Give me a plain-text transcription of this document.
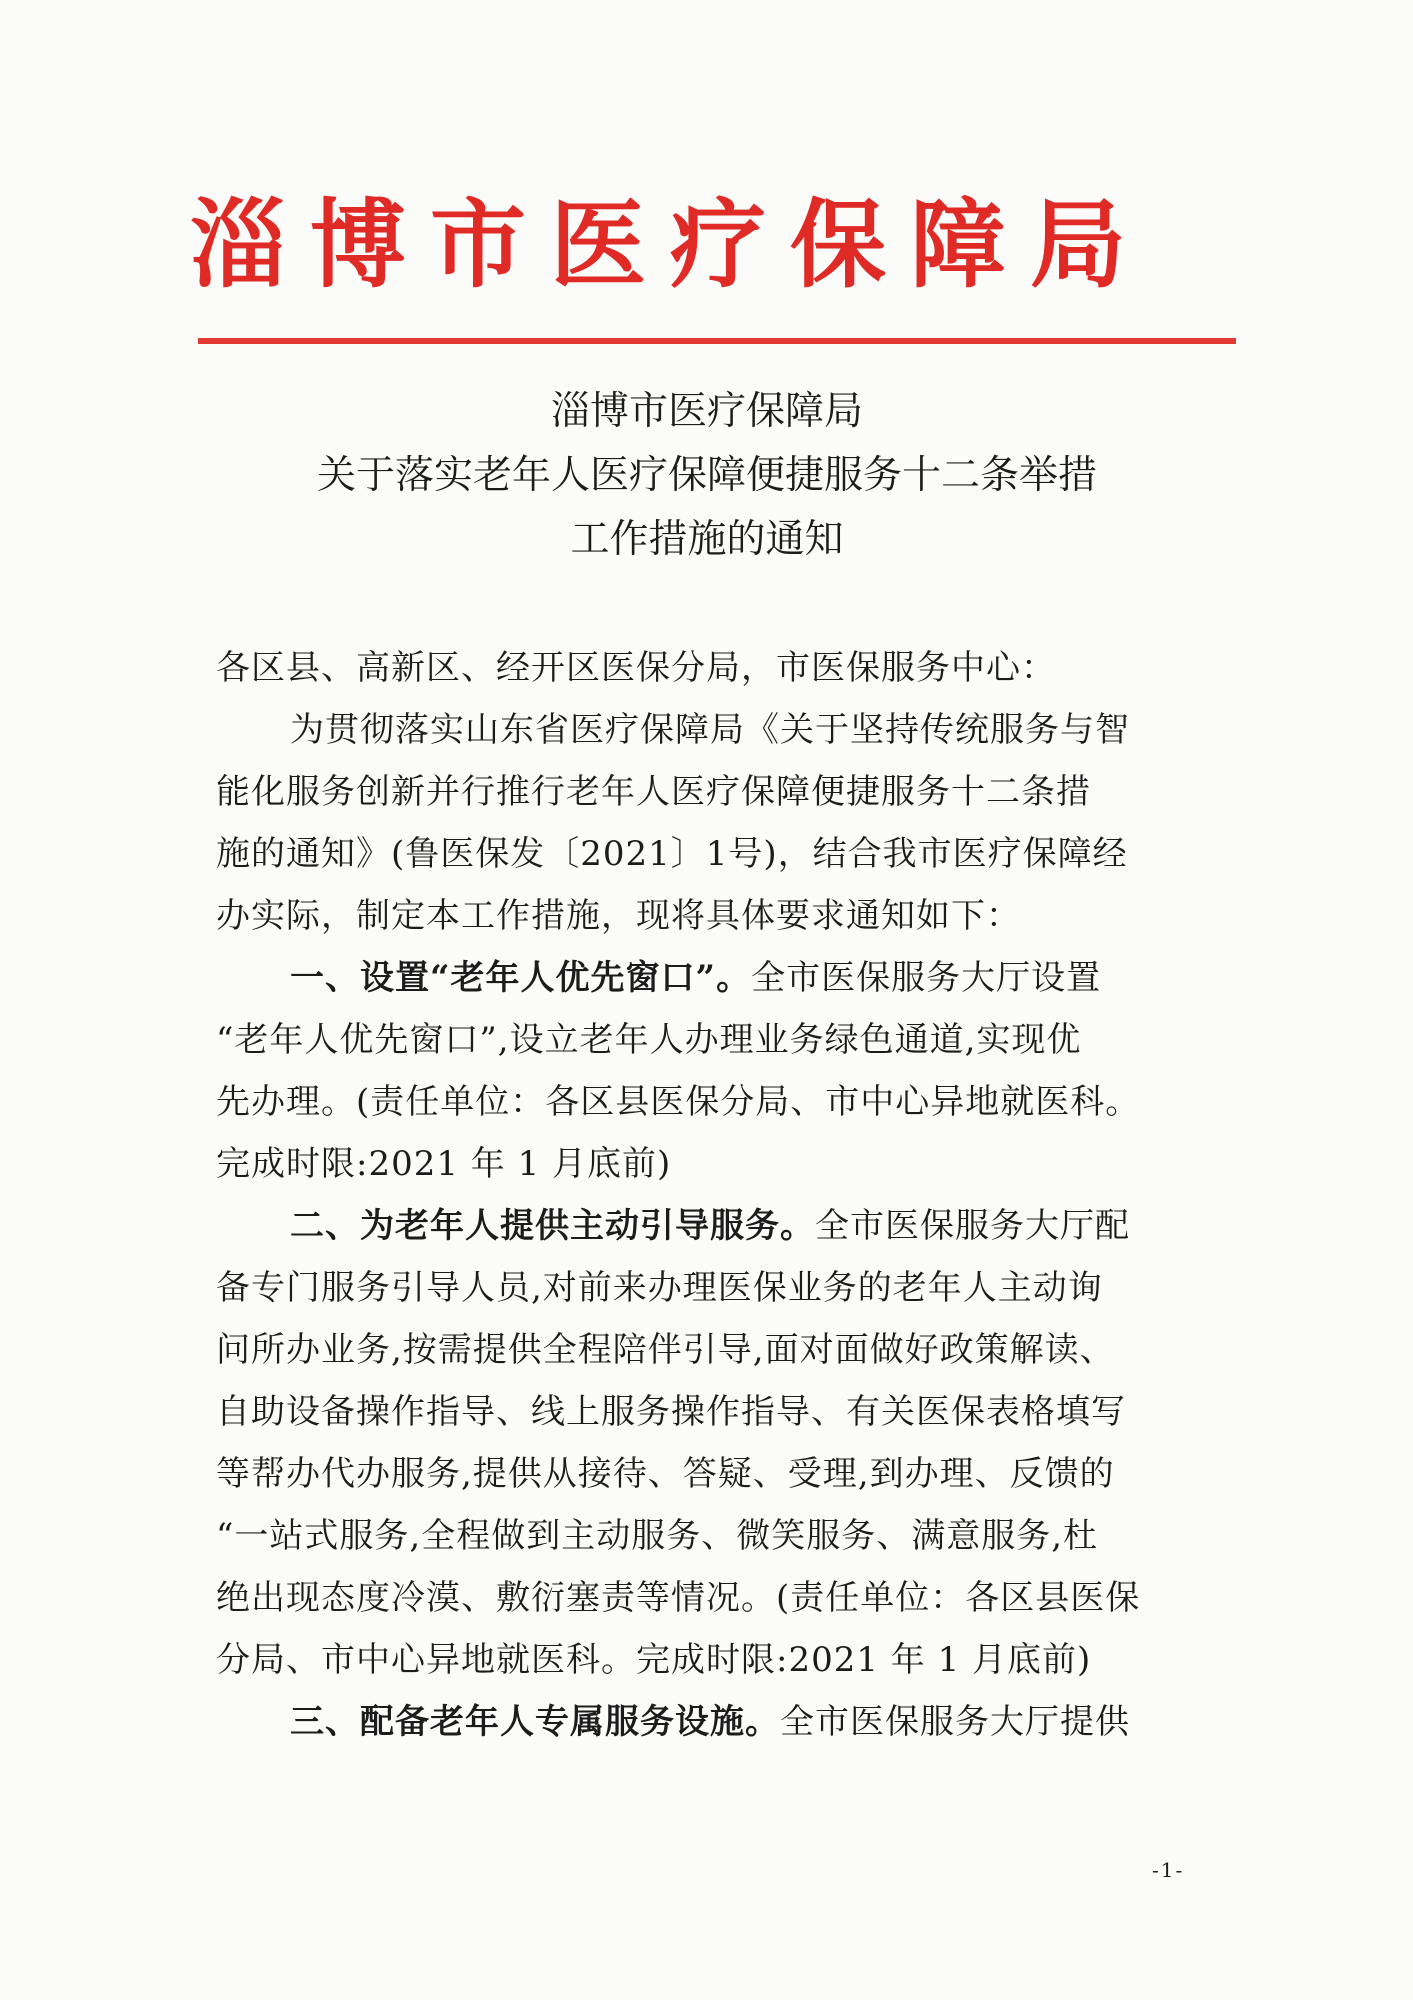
淄博市医疗保障局
淄博市医疗保障局
关于落实老年人医疗保障便捷服务十二条举措
工作措施的通知
各区县、高新区、经开区医保分局，市医保服务中心：
为贯彻落实山东省医疗保障局《关于坚持传统服务与智
能化服务创新并行推行老年人医疗保障便捷服务十二条措
施的通知》(鲁医保发〔2021〕1号)，结合我市医疗保障经
办实际，制定本工作措施，现将具体要求通知如下：
一、设置“老年人优先窗口”。全市医保服务大厅设置
“老年人优先窗口”,设立老年人办理业务绿色通道,实现优
先办理。(责任单位：各区县医保分局、市中心异地就医科。
完成时限:2021 年 1 月底前)
二、为老年人提供主动引导服务。全市医保服务大厅配
备专门服务引导人员,对前来办理医保业务的老年人主动询
问所办业务,按需提供全程陪伴引导,面对面做好政策解读、
自助设备操作指导、线上服务操作指导、有关医保表格填写
等帮办代办服务,提供从接待、答疑、受理,到办理、反馈的
“一站式服务,全程做到主动服务、微笑服务、满意服务,杜
绝出现态度冷漠、敷衍塞责等情况。(责任单位：各区县医保
分局、市中心异地就医科。完成时限:2021 年 1 月底前)
三、配备老年人专属服务设施。全市医保服务大厅提供
-1-
